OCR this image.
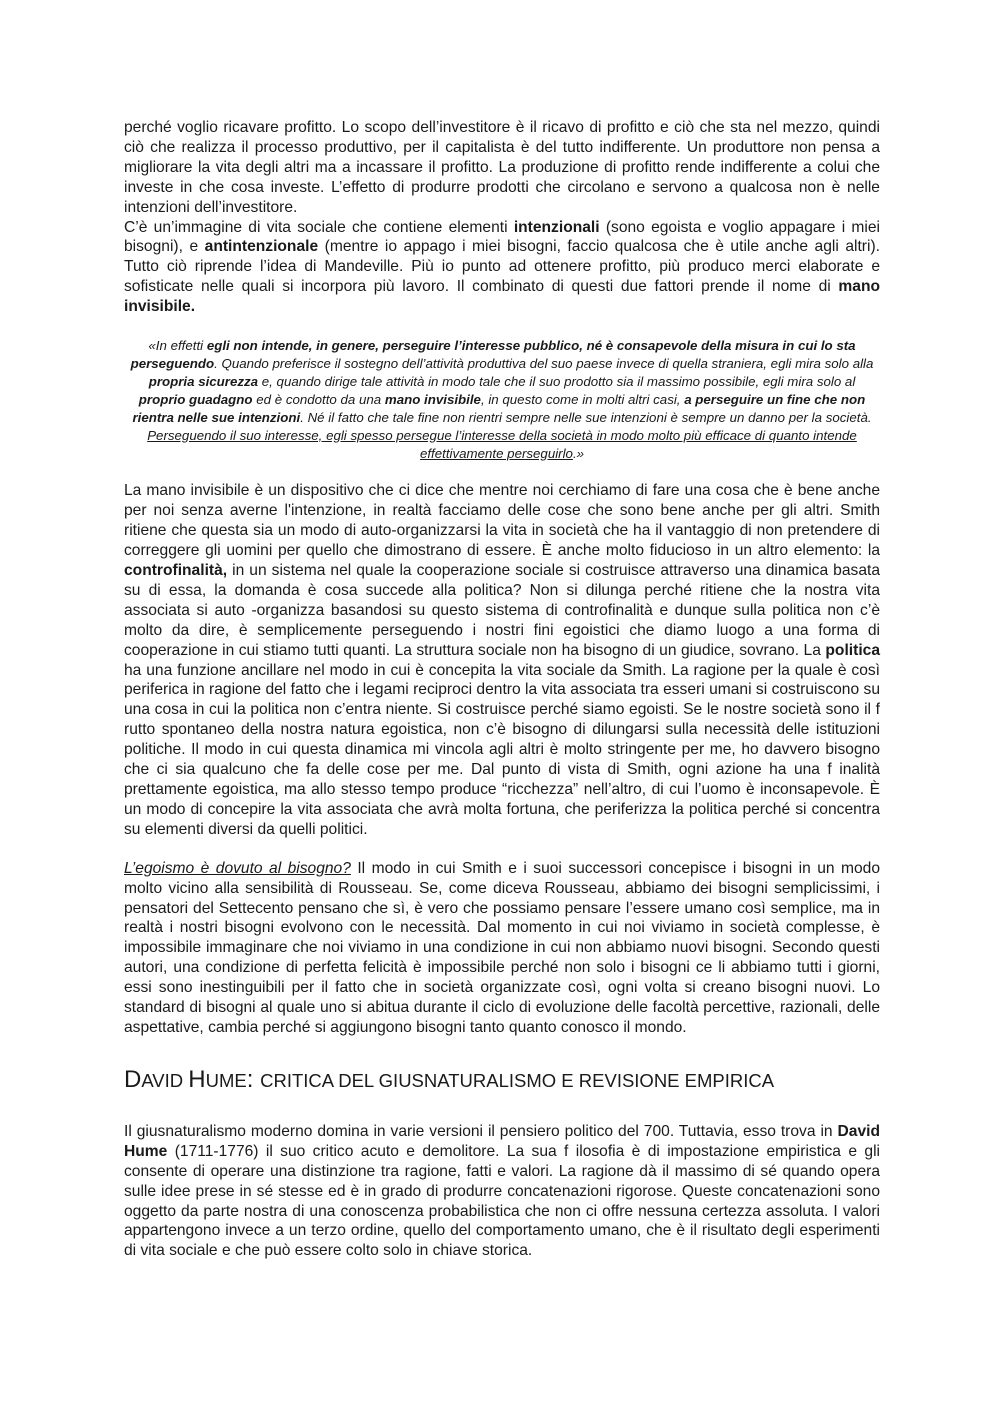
perché voglio ricavare profitto. Lo scopo dell’investitore è il ricavo di profitto e ciò che sta nel mezzo, quindi ciò che realizza il processo produttivo, per il capitalista è del tutto indifferente. Un produttore non pensa a migliorare la vita degli altri ma a incassare il profitto. La produzione di profitto rende indifferente a colui che investe in che cosa investe. L’effetto di produrre prodotti che circolano e servono a qualcosa non è nelle intenzioni dell’investitore.

C’è un’immagine di vita sociale che contiene elementi intenzionali (sono egoista e voglio appagare i miei bisogni), e antintenzionale (mentre io appago i miei bisogni, faccio qualcosa che è utile anche agli altri). Tutto ciò riprende l’idea di Mandeville. Più io punto ad ottenere profitto, più produco merci elaborate e sofisticate nelle quali si incorpora più lavoro. Il combinato di questi due fattori prende il nome di mano invisibile.

«In effetti egli non intende, in genere, perseguire l’interesse pubblico, né è consapevole della misura in cui lo sta perseguendo. Quando preferisce il sostegno dell’attività produttiva del suo paese invece di quella straniera, egli mira solo alla propria sicurezza e, quando dirige tale attività in modo tale che il suo prodotto sia il massimo possibile, egli mira solo al proprio guadagno ed è condotto da una mano invisibile, in questo come in molti altri casi, a perseguire un fine che non rientra nelle sue intenzioni. Né il fatto che tale fine non rientri sempre nelle sue intenzioni è sempre un danno per la società. Perseguendo il suo interesse, egli spesso persegue l’interesse della società in modo molto più efficace di quanto intende effettivamente perseguirlo.»

La mano invisibile è un dispositivo che ci dice che mentre noi cerchiamo di fare una cosa che è bene anche per noi senza averne l'intenzione, in realtà facciamo delle cose che sono bene anche per gli altri. Smith ritiene che questa sia un modo di auto-organizzarsi la vita in società che ha il vantaggio di non pretendere di correggere gli uomini per quello che dimostrano di essere. È anche molto fiducioso in un altro elemento: la controfinalità, in un sistema nel quale la cooperazione sociale si costruisce attraverso una dinamica basata su di essa, la domanda è cosa succede alla politica? Non si dilunga perché ritiene che la nostra vita associata si auto -organizza basandosi su questo sistema di controfinalità e dunque sulla politica non c’è molto da dire, è semplicemente perseguendo i nostri fini egoistici che diamo luogo a una forma di cooperazione in cui stiamo tutti quanti. La struttura sociale non ha bisogno di un giudice, sovrano. La politica ha una funzione ancillare nel modo in cui è concepita la vita sociale da Smith. La ragione per la quale è così periferica in ragione del fatto che i legami reciproci dentro la vita associata tra esseri umani si costruiscono su una cosa in cui la politica non c’entra niente. Si costruisce perché siamo egoisti. Se le nostre società sono il f rutto spontaneo della nostra natura egoistica, non c’è bisogno di dilungarsi sulla necessità delle istituzioni politiche. Il modo in cui questa dinamica mi vincola agli altri è molto stringente per me, ho davvero bisogno che ci sia qualcuno che fa delle cose per me. Dal punto di vista di Smith, ogni azione ha una f inalità prettamente egoistica, ma allo stesso tempo produce “ricchezza” nell’altro, di cui l’uomo è inconsapevole. È un modo di concepire la vita associata che avrà molta fortuna, che periferizza la politica perché si concentra su elementi diversi da quelli politici.

L’egoismo è dovuto al bisogno? Il modo in cui Smith e i suoi successori concepisce i bisogni in un modo molto vicino alla sensibilità di Rousseau. Se, come diceva Rousseau, abbiamo dei bisogni semplicissimi, i pensatori del Settecento pensano che sì, è vero che possiamo pensare l’essere umano così semplice, ma in realtà i nostri bisogni evolvono con le necessità. Dal momento in cui noi viviamo in società complesse, è impossibile immaginare che noi viviamo in una condizione in cui non abbiamo nuovi bisogni. Secondo questi autori, una condizione di perfetta felicità è impossibile perché non solo i bisogni ce li abbiamo tutti i giorni, essi sono inestinguibili per il fatto che in società organizzate così, ogni volta si creano bisogni nuovi. Lo standard di bisogni al quale uno si abitua durante il ciclo di evoluzione delle facoltà percettive, razionali, delle aspettative, cambia perché si aggiungono bisogni tanto quanto conosco il mondo.

DAVID HUME: CRITICA DEL GIUSNATURALISMO E REVISIONE EMPIRICA

Il giusnaturalismo moderno domina in varie versioni il pensiero politico del 700. Tuttavia, esso trova in David Hume (1711-1776) il suo critico acuto e demolitore. La sua f ilosofia è di impostazione empiristica e gli consente di operare una distinzione tra ragione, fatti e valori. La ragione dà il massimo di sé quando opera sulle idee prese in sé stesse ed è in grado di produrre concatenazioni rigorose. Queste concatenazioni sono oggetto da parte nostra di una conoscenza probabilistica che non ci offre nessuna certezza assoluta. I valori appartengono invece a un terzo ordine, quello del comportamento umano, che è il risultato degli esperimenti di vita sociale e che può essere colto solo in chiave storica.
